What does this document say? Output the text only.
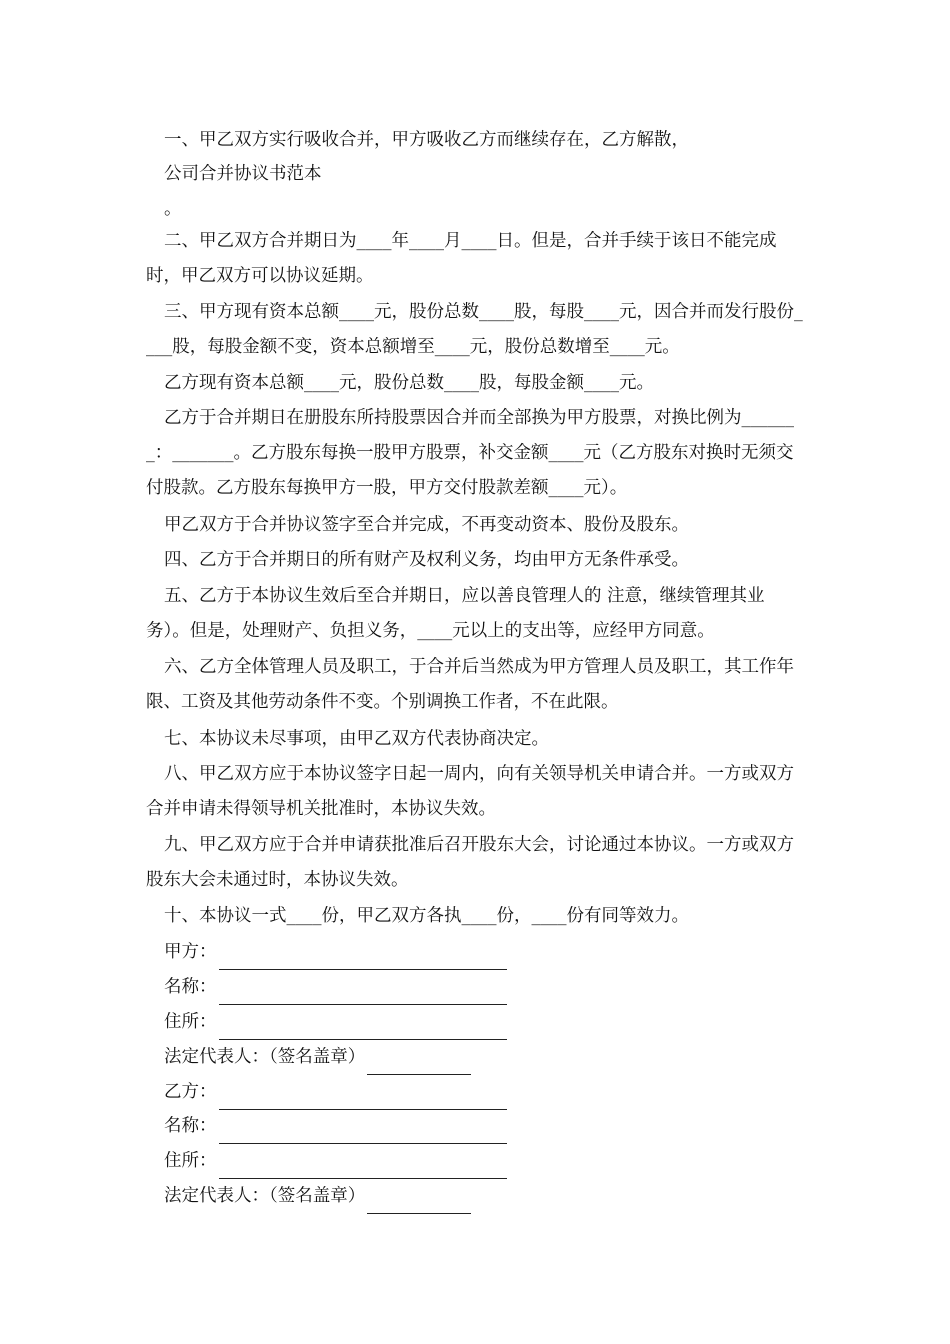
一、甲乙双方实行吸收合并，甲方吸收乙方而继续存在，乙方解散，

公司合并协议书范本

。

二、甲乙双方合并期日为____年____月____日。但是，合并手续于该日不能完成时，甲乙双方可以协议延期。

三、甲方现有资本总额____元，股份总数____股，每股____元，因合并而发行股份____股，每股金额不变，资本总额增至____元，股份总数增至____元。

乙方现有资本总额____元，股份总数____股，每股金额____元。

乙方于合并期日在册股东所持股票因合并而全部换为甲方股票，对换比例为_______：_______。乙方股东每换一股甲方股票，补交金额____元（乙方股东对换时无须交付股款。乙方股东每换甲方一股，甲方交付股款差额____元）。

甲乙双方于合并协议签字至合并完成，不再变动资本、股份及股东。

四、乙方于合并期日的所有财产及权利义务，均由甲方无条件承受。

五、乙方于本协议生效后至合并期日，应以善良管理人的 注意，继续管理其业务）。但是，处理财产、负担义务，____元以上的支出等，应经甲方同意。

六、乙方全体管理人员及职工，于合并后当然成为甲方管理人员及职工，其工作年限、工资及其他劳动条件不变。个别调换工作者，不在此限。

七、本协议未尽事项，由甲乙双方代表协商决定。

八、甲乙双方应于本协议签字日起一周内，向有关领导机关申请合并。一方或双方合并申请未得领导机关批准时，本协议失效。

九、甲乙双方应于合并申请获批准后召开股东大会，讨论通过本协议。一方或双方股东大会未通过时，本协议失效。

十、本协议一式____份，甲乙双方各执____份，____份有同等效力。

甲方：
名称：
住所：
法定代表人：（签名盖章）
乙方：
名称：
住所：
法定代表人：（签名盖章）
